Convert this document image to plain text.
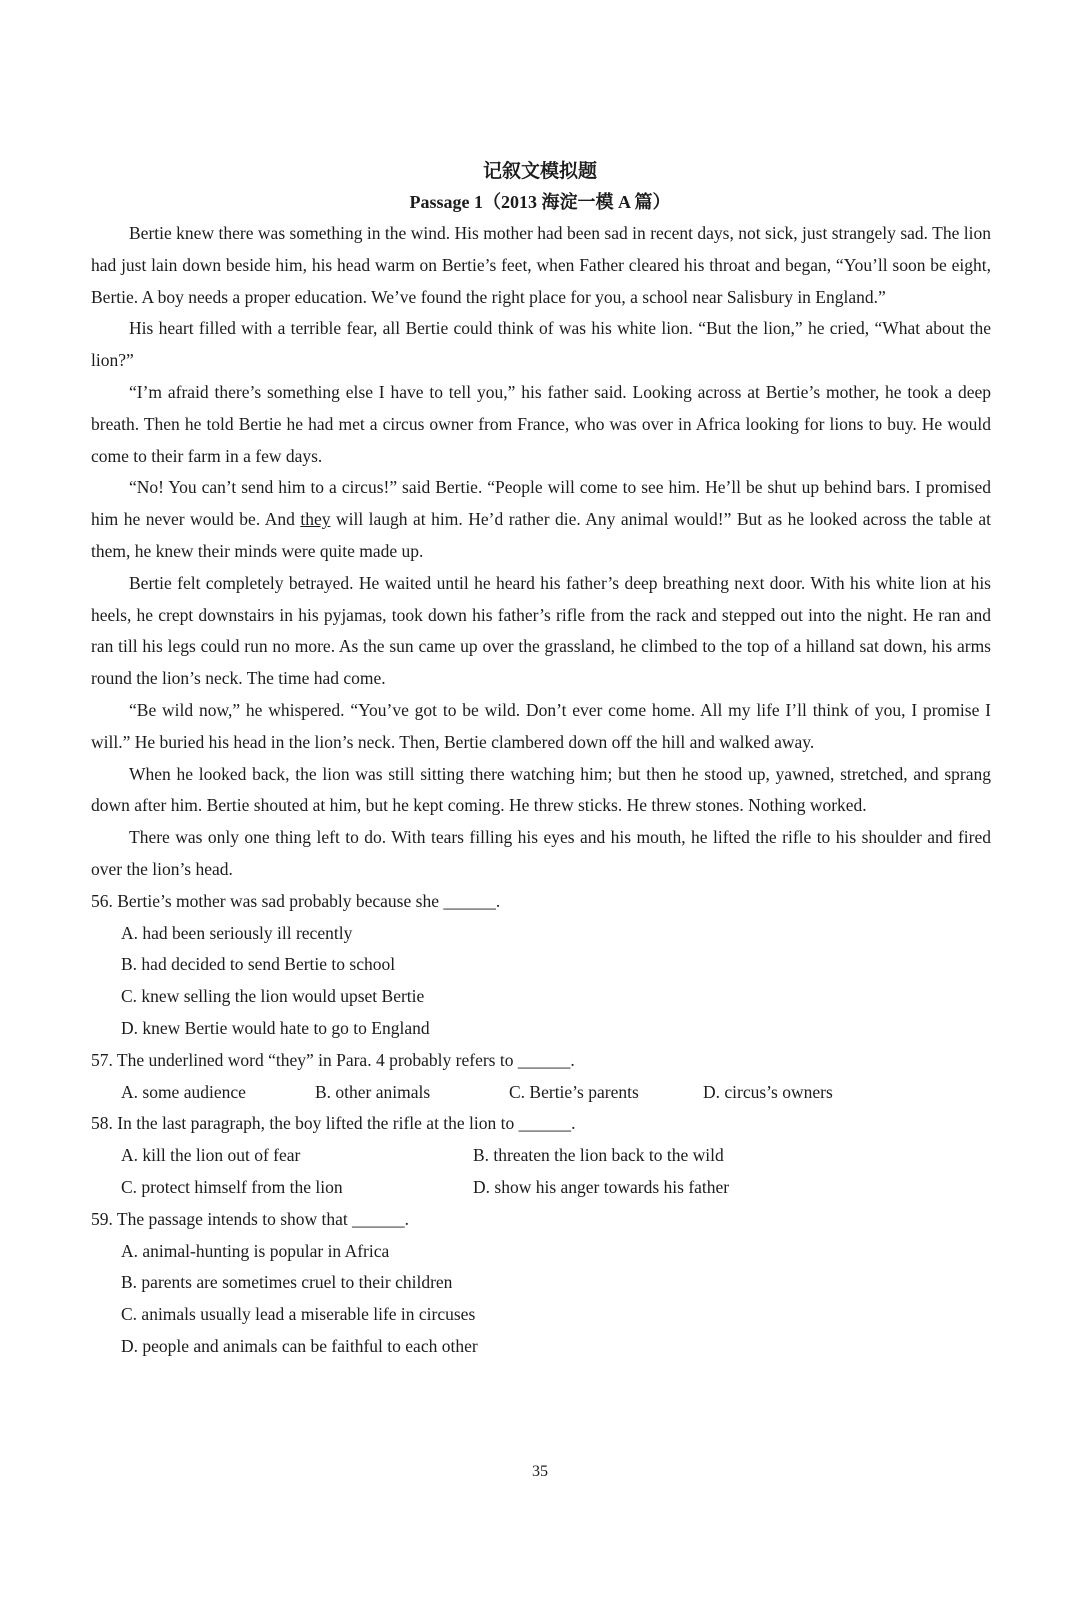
记叙文模拟题
Passage 1（2013 海淀一模 A 篇）

Bertie knew there was something in the wind. His mother had been sad in recent days, not sick, just strangely sad. The lion had just lain down beside him, his head warm on Bertie’s feet, when Father cleared his throat and began, “You’ll soon be eight, Bertie. A boy needs a proper education. We’ve found the right place for you, a school near Salisbury in England.”

His heart filled with a terrible fear, all Bertie could think of was his white lion. “But the lion,” he cried, “What about the lion?”

“I’m afraid there’s something else I have to tell you,” his father said. Looking across at Bertie’s mother, he took a deep breath. Then he told Bertie he had met a circus owner from France, who was over in Africa looking for lions to buy. He would come to their farm in a few days.

“No! You can’t send him to a circus!” said Bertie. “People will come to see him. He’ll be shut up behind bars. I promised him he never would be. And they will laugh at him. He’d rather die. Any animal would!” But as he looked across the table at them, he knew their minds were quite made up.

Bertie felt completely betrayed. He waited until he heard his father’s deep breathing next door. With his white lion at his heels, he crept downstairs in his pyjamas, took down his father’s rifle from the rack and stepped out into the night. He ran and ran till his legs could run no more. As the sun came up over the grassland, he climbed to the top of a hilland sat down, his arms round the lion’s neck. The time had come.

“Be wild now,” he whispered. “You’ve got to be wild. Don’t ever come home. All my life I’ll think of you, I promise I will.” He buried his head in the lion’s neck. Then, Bertie clambered down off the hill and walked away.

When he looked back, the lion was still sitting there watching him; but then he stood up, yawned, stretched, and sprang down after him. Bertie shouted at him, but he kept coming. He threw sticks. He threw stones. Nothing worked.

There was only one thing left to do. With tears filling his eyes and his mouth, he lifted the rifle to his shoulder and fired over the lion’s head.

56. Bertie’s mother was sad probably because she ______.

A. had been seriously ill recently

B. had decided to send Bertie to school

C. knew selling the lion would upset Bertie

D. knew Bertie would hate to go to England

57. The underlined word “they” in Para. 4 probably refers to ______.

A. some audience	B. other animals	C. Bertie’s parents	D. circus’s owners

58. In the last paragraph, the boy lifted the rifle at the lion to ______.

A. kill the lion out of fear	B. threaten the lion back to the wild
C. protect himself from the lion	D. show his anger towards his father

59. The passage intends to show that ______.

A. animal-hunting is popular in Africa

B. parents are sometimes cruel to their children

C. animals usually lead a miserable life in circuses

D. people and animals can be faithful to each other

35
